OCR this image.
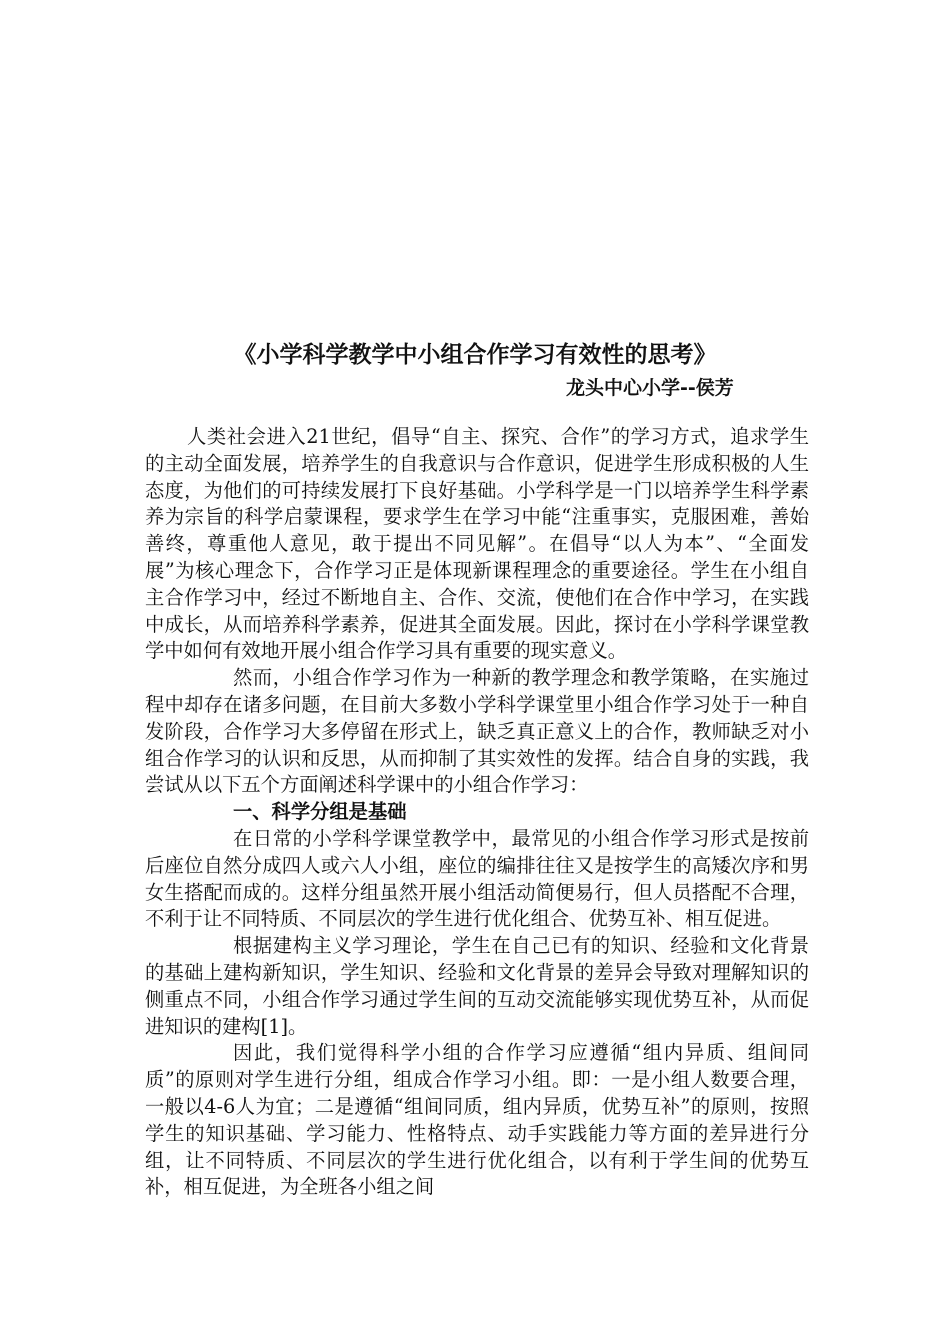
《小学科学教学中小组合作学习有效性的思考》
龙头中心小学--侯芳

人类社会进入21世纪，倡导“自主、探究、合作”的学习方式，追求学生的主动全面发展，培养学生的自我意识与合作意识，促进学生形成积极的人生态度，为他们的可持续发展打下良好基础。小学科学是一门以培养学生科学素养为宗旨的科学启蒙课程，要求学生在学习中能“注重事实，克服困难，善始善终，尊重他人意见，敢于提出不同见解”。在倡导“以人为本”、“全面发展”为核心理念下，合作学习正是体现新课程理念的重要途径。学生在小组自主合作学习中，经过不断地自主、合作、交流，使他们在合作中学习，在实践中成长，从而培养科学素养，促进其全面发展。因此，探讨在小学科学课堂教学中如何有效地开展小组合作学习具有重要的现实意义。

然而，小组合作学习作为一种新的教学理念和教学策略，在实施过程中却存在诸多问题，在目前大多数小学科学课堂里小组合作学习处于一种自发阶段，合作学习大多停留在形式上，缺乏真正意义上的合作，教师缺乏对小组合作学习的认识和反思，从而抑制了其实效性的发挥。结合自身的实践，我尝试从以下五个方面阐述科学课中的小组合作学习：

一、科学分组是基础

在日常的小学科学课堂教学中，最常见的小组合作学习形式是按前后座位自然分成四人或六人小组，座位的编排往往又是按学生的高矮次序和男女生搭配而成的。这样分组虽然开展小组活动简便易行，但人员搭配不合理，不利于让不同特质、不同层次的学生进行优化组合、优势互补、相互促进。

根据建构主义学习理论，学生在自己已有的知识、经验和文化背景的基础上建构新知识，学生知识、经验和文化背景的差异会导致对理解知识的侧重点不同，小组合作学习通过学生间的互动交流能够实现优势互补，从而促进知识的建构[1]。

因此，我们觉得科学小组的合作学习应遵循“组内异质、组间同质”的原则对学生进行分组，组成合作学习小组。即：一是小组人数要合理，一般以4-6人为宜；二是遵循“组间同质，组内异质，优势互补”的原则，按照学生的知识基础、学习能力、性格特点、动手实践能力等方面的差异进行分组，让不同特质、不同层次的学生进行优化组合，以有利于学生间的优势互补，相互促进，为全班各小组之间
